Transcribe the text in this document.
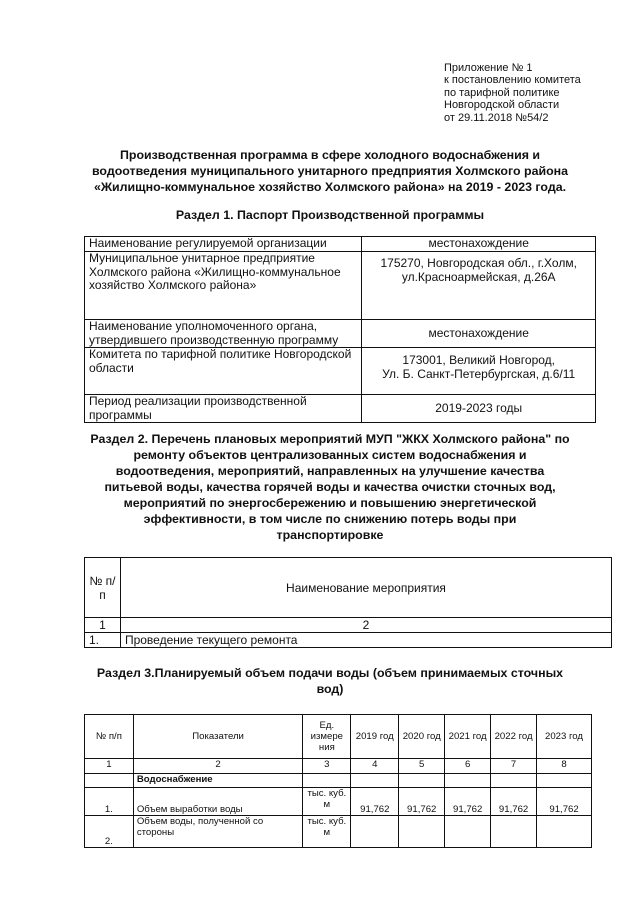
Приложение № 1
к постановлению комитета
по тарифной политике
Новгородской области
от 29.11.2018 №54/2
Производственная программа в сфере холодного водоснабжения и
водоотведения муниципального унитарного предприятия Холмского района
«Жилищно-коммунальное хозяйство Холмского района» на 2019 - 2023 года.
Раздел 1. Паспорт Производственной программы
Наименование регулируемой организации	местонахождение
Муниципальное унитарное предприятие Холмского района «Жилищно-коммунальное хозяйство Холмского района»	175270, Новгородская обл., г.Холм,
ул.Красноармейская, д.26А

Наименование уполномоченного органа, утвердившего производственную программу	местонахождение
Комитета по тарифной политике Новгородской области	173001, Великий Новгород,
Ул. Б. Санкт-Петербургская, д.6/11

Период реализации производственной программы	2019-2023 годы
Раздел 2. Перечень плановых мероприятий МУП "ЖКХ Холмского района" по
ремонту объектов централизованных систем водоснабжения и
водоотведения, мероприятий, направленных на улучшение качества
питьевой воды, качества горячей воды и качества очистки сточных вод,
мероприятий по энергосбережению и повышению энергетической
эффективности, в том числе по снижению потерь воды при
транспортировке
№ п/п	Наименование мероприятия
1	2
1.	Проведение текущего ремонта
Раздел 3.Планируемый объем подачи воды (объем принимаемых сточных
вод)
№ п/п	Показатели	Ед. измере ния	2019 год	2020 год	2021 год	2022 год	2023 год
1	2	3	4	5	6	7	8
	Водоснабжение						
1.	Объем выработки воды	тыс. куб. м	91,762	91,762	91,762	91,762	91,762
2.	Объем воды, полученной со стороны	тыс. куб. м					
